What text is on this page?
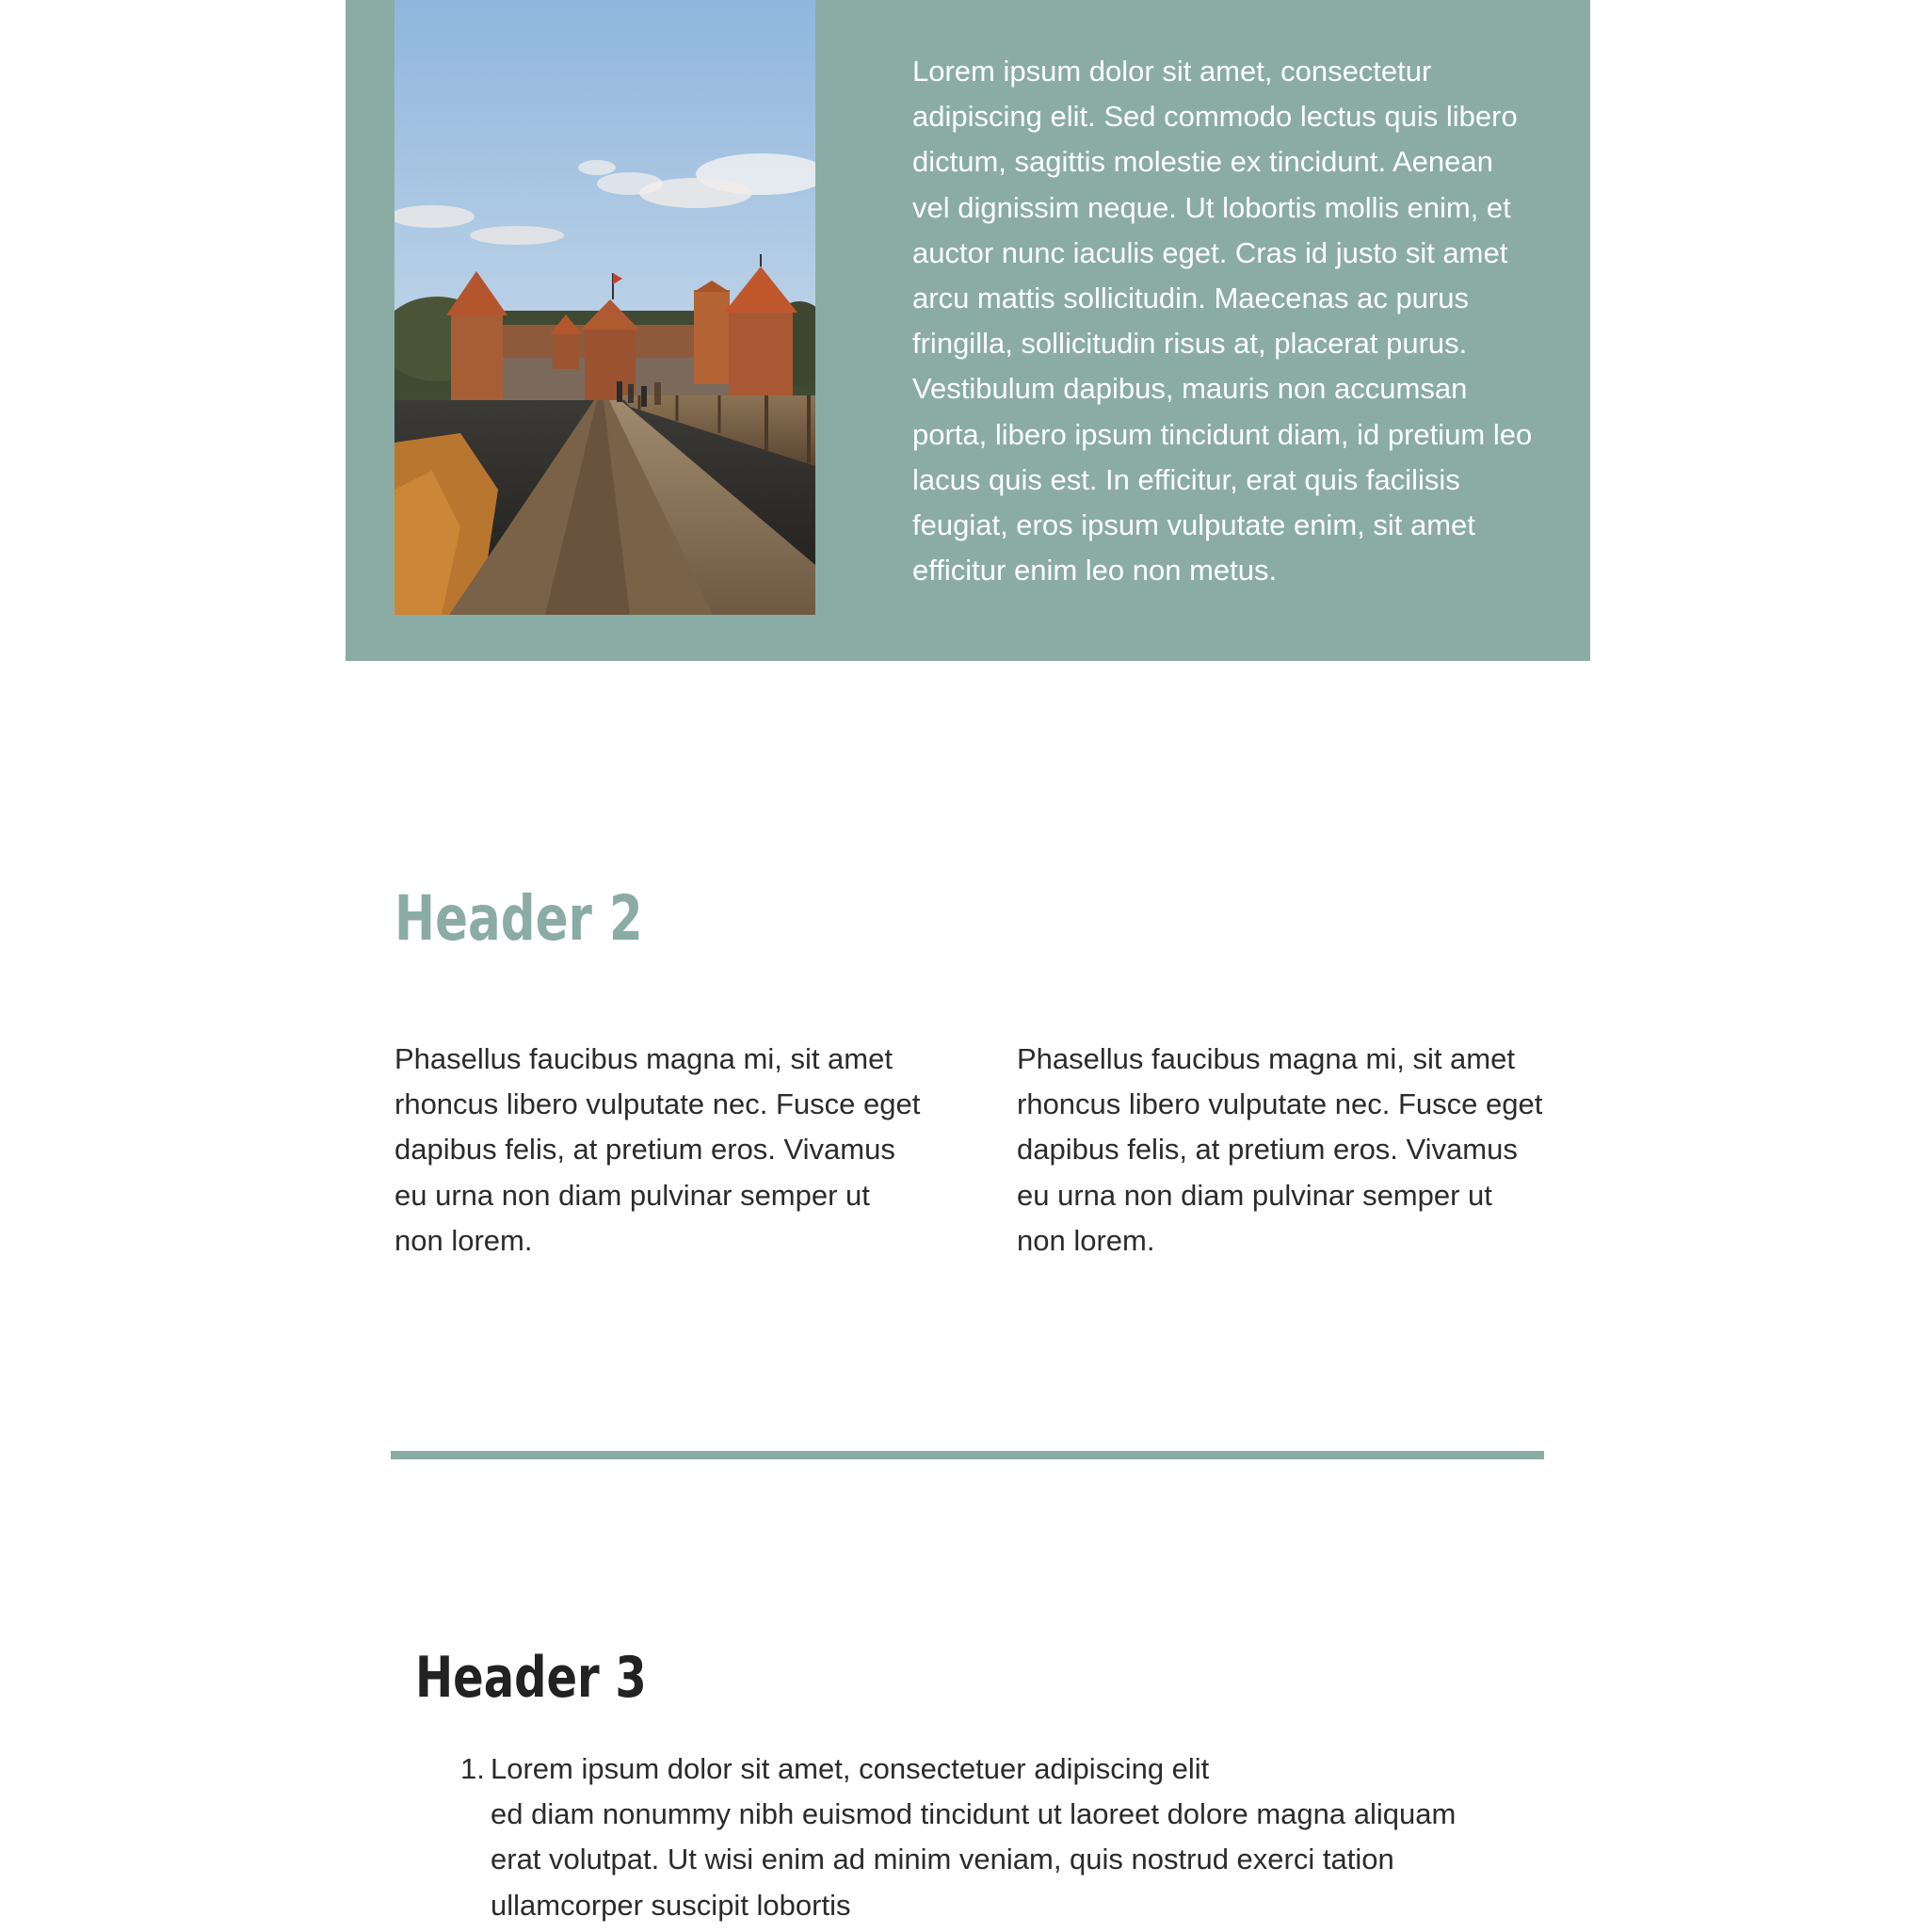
Lorem ipsum dolor sit amet, consectetur adipiscing elit. Sed commodo lectus quis libero dictum, sagittis molestie ex tincidunt. Aenean vel dignissim neque. Ut lobortis mollis enim, et auctor nunc iaculis eget. Cras id justo sit amet arcu mattis sollicitudin. Maecenas ac purus fringilla, sollicitudin risus at, placerat purus. Vestibulum dapibus, mauris non accumsan porta, libero ipsum tincidunt diam, id pretium leo lacus quis est. In efficitur, erat quis facilisis feugiat, eros ipsum vulputate enim, sit amet efficitur enim leo non metus.

Header 2

Phasellus faucibus magna mi, sit amet rhoncus libero vulputate nec. Fusce eget dapibus felis, at pretium eros. Vivamus eu urna non diam pulvinar semper ut non lorem.

Phasellus faucibus magna mi, sit amet rhoncus libero vulputate nec. Fusce eget dapibus felis, at pretium eros. Vivamus eu urna non diam pulvinar semper ut non lorem.

Header 3
1. Lorem ipsum dolor sit amet, consectetuer adipiscing elit
ed diam nonummy nibh euismod tincidunt ut laoreet dolore magna aliquam
erat volutpat. Ut wisi enim ad minim veniam, quis nostrud exerci tation
ullamcorper suscipit lobortis
